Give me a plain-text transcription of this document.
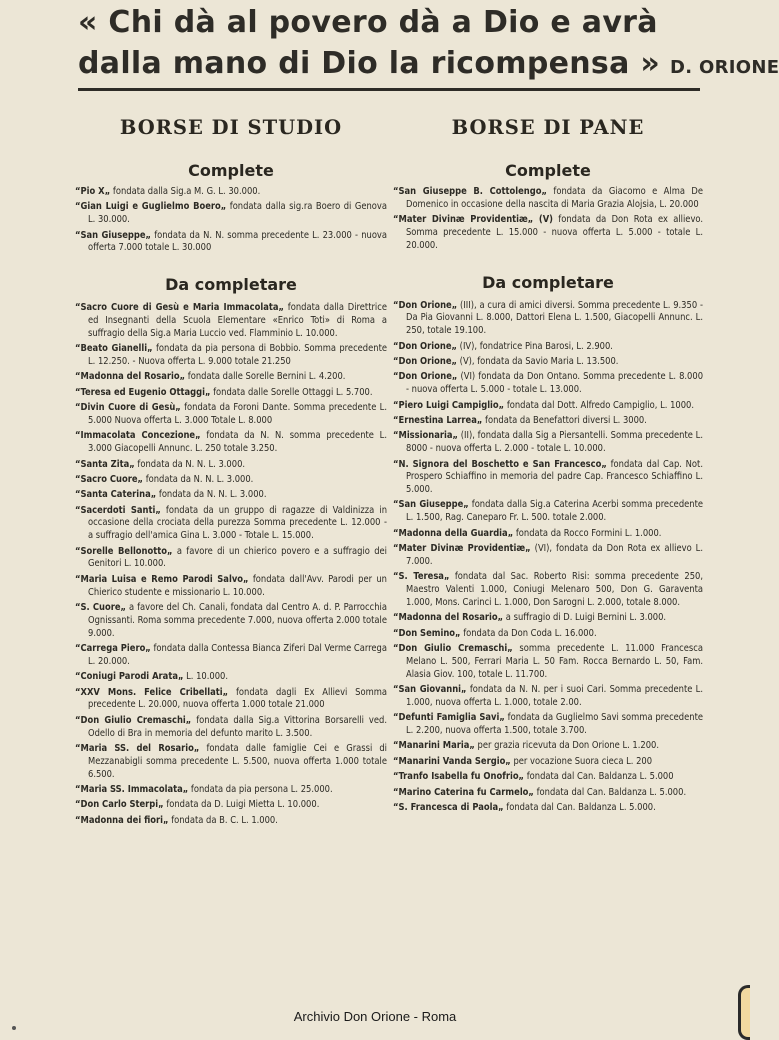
« Chi dà al povero dà a Dio e avrà
dalla mano di Dio la ricompensa » D. ORIONE
BORSE DI STUDIO
Complete

“Pio X„ fondata dalla Sig.a M. G. L. 30.000.

“Gian Luigi e Guglielmo Boero„ fondata dalla sig.ra Boero di Genova L. 30.000.

“San Giuseppe„ fondata da N. N. somma precedente L. 23.000 - nuova offerta 7.000 totale L. 30.000

Da completare

“Sacro Cuore di Gesù e Maria Immacolata„ fondata dalla Direttrice ed Insegnanti della Scuola Elementare «Enrico Toti» di Roma a suffragio della Sig.a Maria Luccio ved. Flamminio L. 10.000.

“Beato Gianelli„ fondata da pia persona di Bobbio. Somma precedente L. 12.250. - Nuova offerta L. 9.000 totale 21.250

“Madonna del Rosario„ fondata dalle Sorelle Bernini L. 4.200.

“Teresa ed Eugenio Ottaggi„ fondata dalle Sorelle Ottaggi L. 5.700.

“Divin Cuore di Gesù„ fondata da Foroni Dante. Somma precedente L. 5.000 Nuova offerta L. 3.000 Totale L. 8.000

“Immacolata Concezione„ fondata da N. N. somma precedente L. 3.000 Giacopelli Annunc. L. 250 totale 3.250.

“Santa Zita„ fondata da N. N. L. 3.000.

“Sacro Cuore„ fondata da N. N. L. 3.000.

“Santa Caterina„ fondata da N. N. L. 3.000.

“Sacerdoti Santi„ fondata da un gruppo di ragazze di Valdinizza in occasione della crociata della purezza Somma precedente L. 12.000 - a suffragio dell'amica Gina L. 3.000 - Totale L. 15.000.

“Sorelle Bellonotto„ a favore di un chierico povero e a suffragio dei Genitori L. 10.000.

“Maria Luisa e Remo Parodi Salvo„ fondata dall'Avv. Parodi per un Chierico studente e missionario L. 10.000.

“S. Cuore„ a favore del Ch. Canali, fondata dal Centro A. d. P. Parrocchia Ognissanti. Roma somma precedente 7.000, nuova offerta 2.000 totale 9.000.

“Carrega Piero„ fondata dalla Contessa Bianca Ziferi Dal Verme Carrega L. 20.000.

“Coniugi Parodi Arata„ L. 10.000.

“XXV Mons. Felice Cribellati„ fondata dagli Ex Allievi Somma precedente L. 20.000, nuova offerta 1.000 totale 21.000

“Don Giulio Cremaschi„ fondata dalla Sig.a Vittorina Borsarelli ved. Odello di Bra in memoria del defunto marito L. 3.500.

“Maria SS. del Rosario„ fondata dalle famiglie Cei e Grassi di Mezzanabigli somma precedente L. 5.500, nuova offerta 1.000 totale 6.500.

“Maria SS. Immacolata„ fondata da pia persona L. 25.000.

“Don Carlo Sterpi„ fondata da D. Luigi Mietta L. 10.000.

“Madonna dei fiori„ fondata da B. C. L. 1.000.

BORSE DI PANE
Complete

“San Giuseppe B. Cottolengo„ fondata da Giacomo e Alma De Domenico in occasione della nascita di Maria Grazia Alojsia, L. 20.000

“Mater Divinæ Providentiæ„ (V) fondata da Don Rota ex allievo. Somma precedente L. 15.000 - nuova offerta L. 5.000 - totale L. 20.000.

Da completare

“Don Orione„ (III), a cura di amici diversi. Somma precedente L. 9.350 - Da Pia Giovanni L. 8.000, Dattori Elena L. 1.500, Giacopelli Annunc. L. 250, totale 19.100.

“Don Orione„ (IV), fondatrice Pina Barosi, L. 2.900.

“Don Orione„ (V), fondata da Savio Maria L. 13.500.

“Don Orione„ (VI) fondata da Don Ontano. Somma precedente L. 8.000 - nuova offerta L. 5.000 - totale L. 13.000.

“Piero Luigi Campiglio„ fondata dal Dott. Alfredo Campiglio, L. 1000.

“Ernestina Larrea„ fondata da Benefattori diversi L. 3000.

“Missionaria„ (II), fondata dalla Sig a Piersantelli. Somma precedente L. 8000 - nuova offerta L. 2.000 - totale L. 10.000.

“N. Signora del Boschetto e San Francesco„ fondata dal Cap. Not. Prospero Schiaffino in memoria del padre Cap. Francesco Schiaffino L. 5.000.

“San Giuseppe„ fondata dalla Sig.a Caterina Acerbi somma precedente L. 1.500, Rag. Caneparo Fr. L. 500. totale 2.000.

“Madonna della Guardia„ fondata da Rocco Formini L. 1.000.

“Mater Divinæ Providentiæ„ (VI), fondata da Don Rota ex allievo L. 7.000.

“S. Teresa„ fondata dal Sac. Roberto Risi: somma precedente 250, Maestro Valenti 1.000, Coniugi Melenaro 500, Don G. Garaventa 1.000, Mons. Carinci L. 1.000, Don Sarogni L. 2.000, totale 8.000.

“Madonna del Rosario„ a suffragio di D. Luigi Bernini L. 3.000.

“Don Semino„ fondata da Don Coda L. 16.000.

“Don Giulio Cremaschi„ somma precedente L. 11.000 Francesca Melano L. 500, Ferrari Maria L. 50 Fam. Rocca Bernardo L. 50, Fam. Alasia Giov. 100, totale L. 11.700.

“San Giovanni„ fondata da N. N. per i suoi Cari. Somma precedente L. 1.000, nuova offerta L. 1.000, totale 2.00.

“Defunti Famiglia Savi„ fondata da Guglielmo Savi somma precedente L. 2.200, nuova offerta 1.500, totale 3.700.

“Manarini Maria„ per grazia ricevuta da Don Orione L. 1.200.

“Manarini Vanda Sergio„ per vocazione Suora cieca L. 200

“Tranfo Isabella fu Onofrio„ fondata dal Can. Baldanza L. 5.000

“Marino Caterina fu Carmelo„ fondata dal Can. Baldanza L. 5.000.

“S. Francesca di Paola„ fondata dal Can. Baldanza L. 5.000.

Archivio Don Orione - Roma
